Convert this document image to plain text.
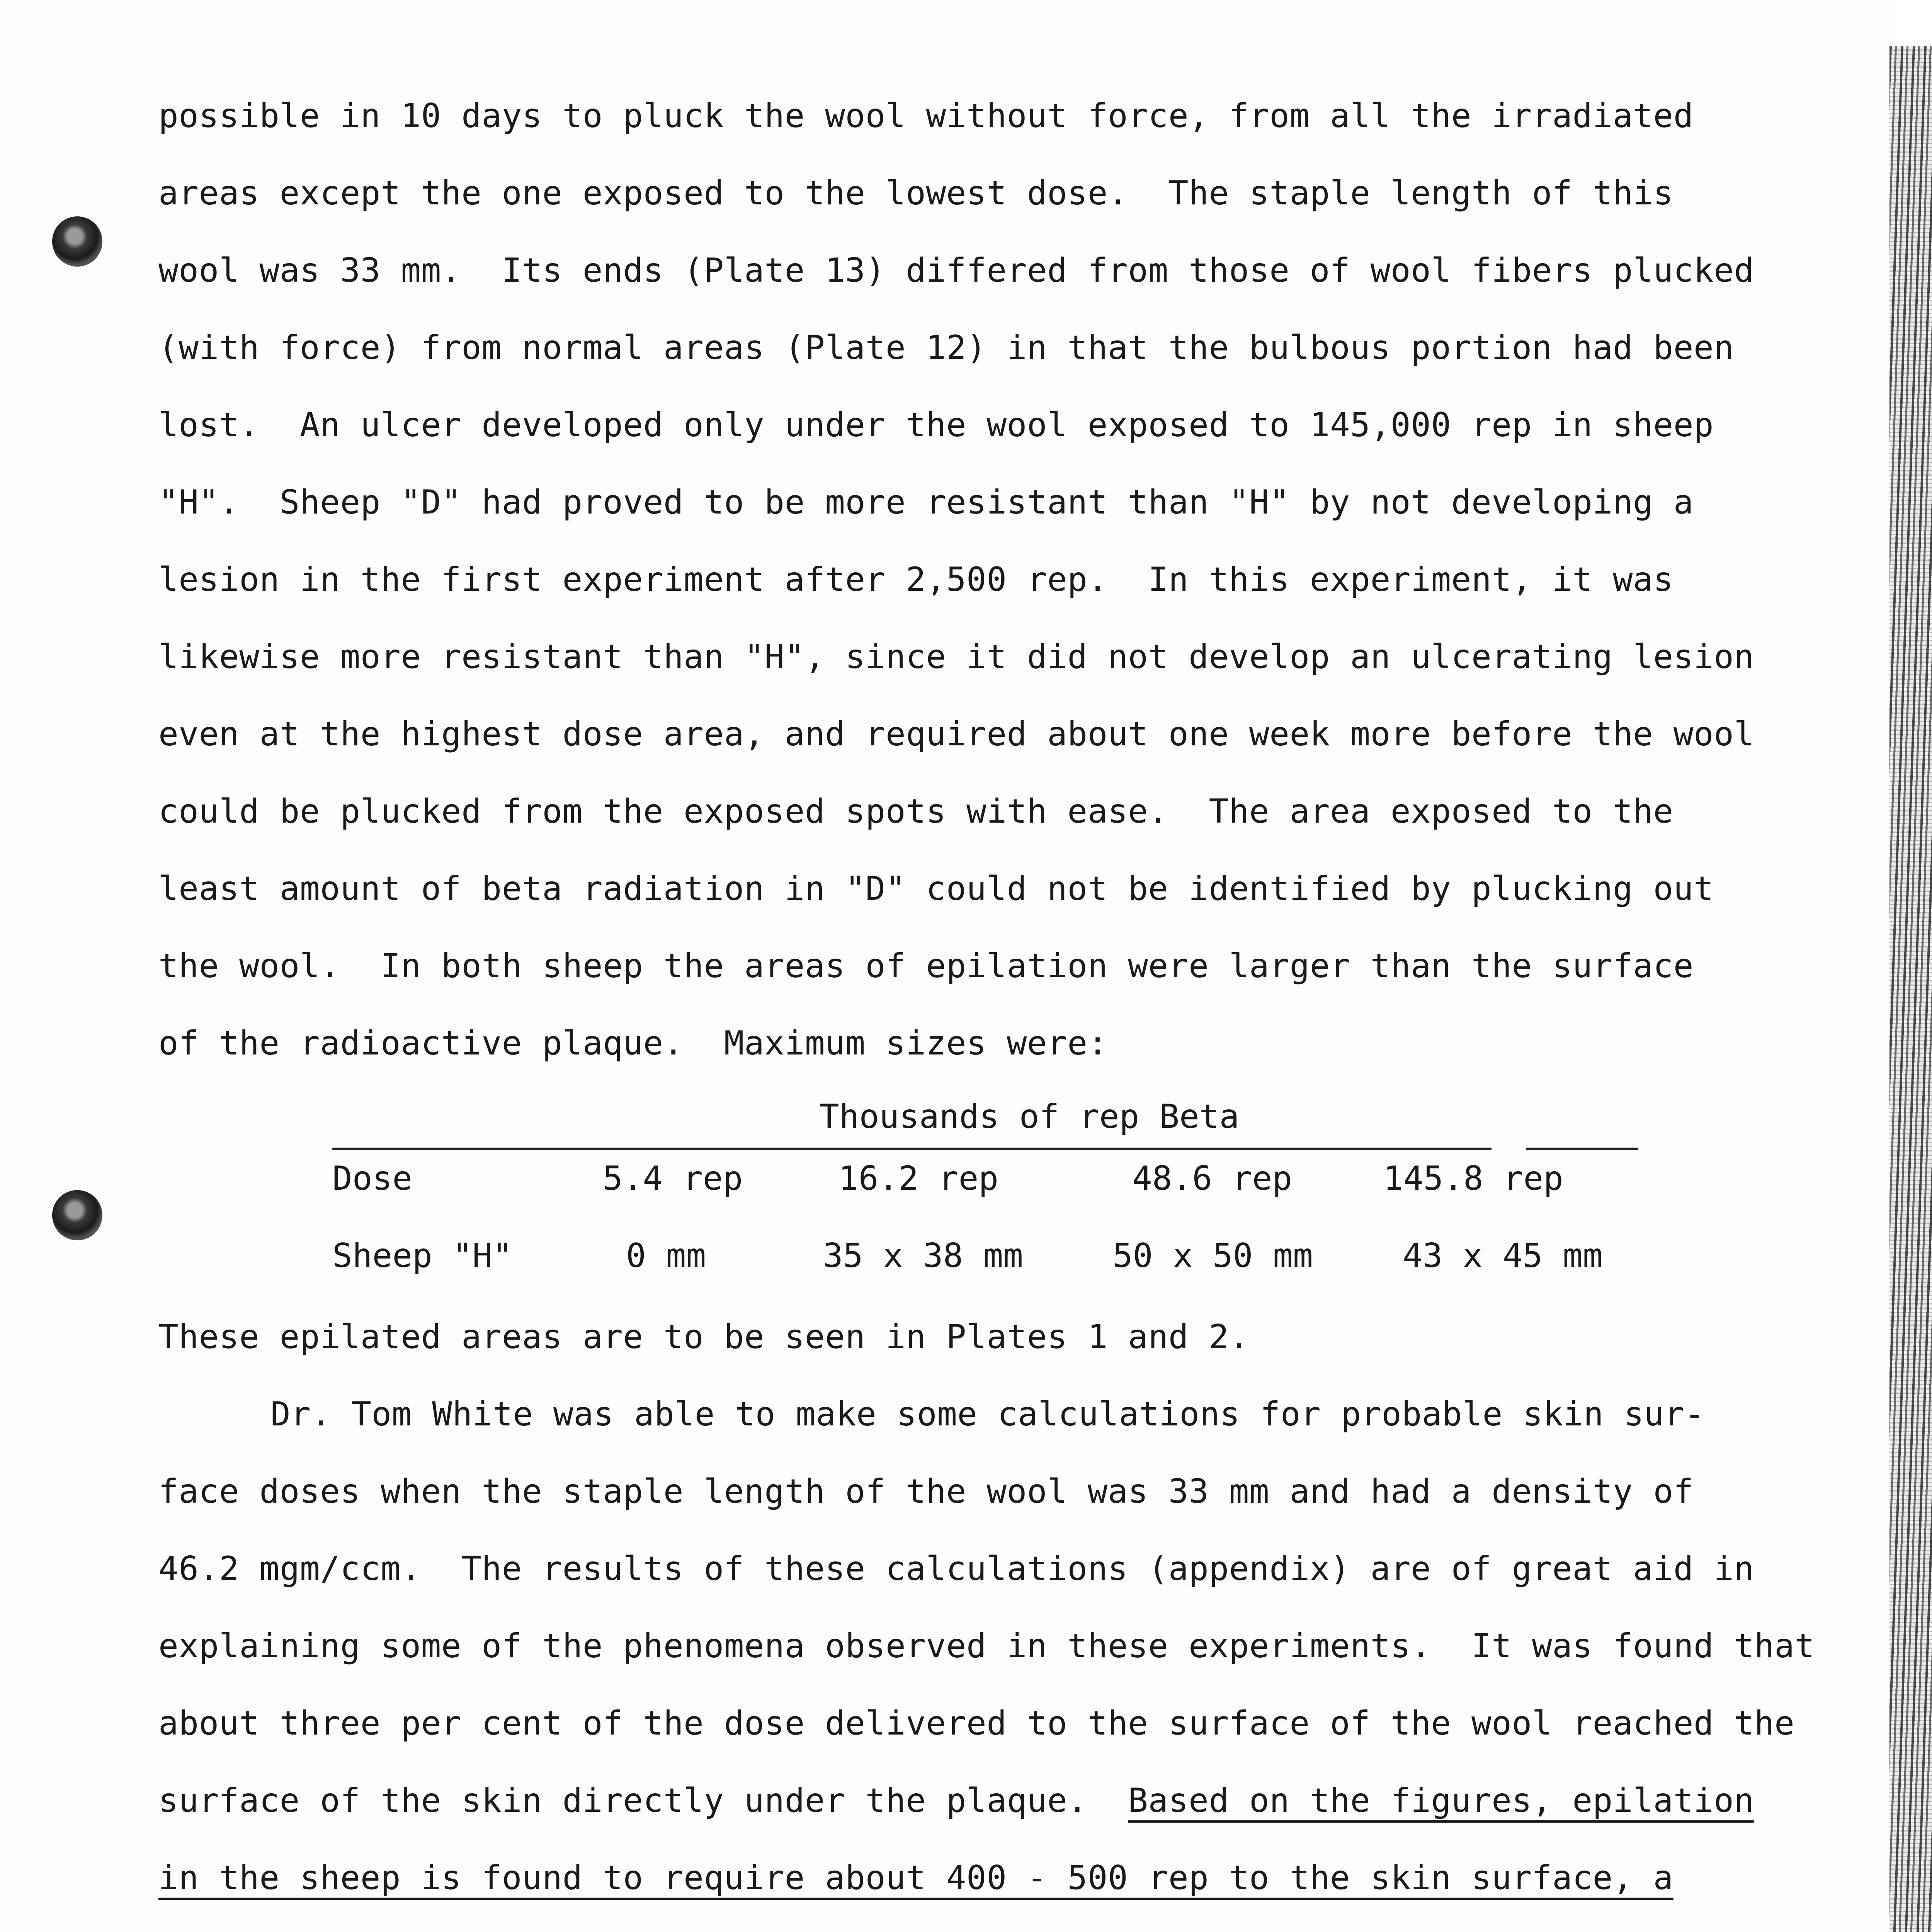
possible in 10 days to pluck the wool without force, from all the irradiated
areas except the one exposed to the lowest dose.  The staple length of this
wool was 33 mm.  Its ends (Plate 13) differed from those of wool fibers plucked
(with force) from normal areas (Plate 12) in that the bulbous portion had been
lost.  An ulcer developed only under the wool exposed to 145,000 rep in sheep
"H".  Sheep "D" had proved to be more resistant than "H" by not developing a
lesion in the first experiment after 2,500 rep.  In this experiment, it was
likewise more resistant than "H", since it did not develop an ulcerating lesion
even at the highest dose area, and required about one week more before the wool
could be plucked from the exposed spots with ease.  The area exposed to the
least amount of beta radiation in "D" could not be identified by plucking out
the wool.  In both sheep the areas of epilation were larger than the surface
of the radioactive plaque.  Maximum sizes were:
Thousands of rep Beta
Dose	5.4 rep	16.2 rep	48.6 rep	145.8 rep
Sheep "H"	0 mm	35 x 38 mm	50 x 50 mm	43 x 45 mm
These epilated areas are to be seen in Plates 1 and 2.
Dr. Tom White was able to make some calculations for probable skin sur-
face doses when the staple length of the wool was 33 mm and had a density of
46.2 mgm/ccm.  The results of these calculations (appendix) are of great aid in
explaining some of the phenomena observed in these experiments.  It was found that
about three per cent of the dose delivered to the surface of the wool reached the
surface of the skin directly under the plaque. Based on the figures, epilation
in the sheep is found to require about 400 - 500 rep to the skin surface, a
